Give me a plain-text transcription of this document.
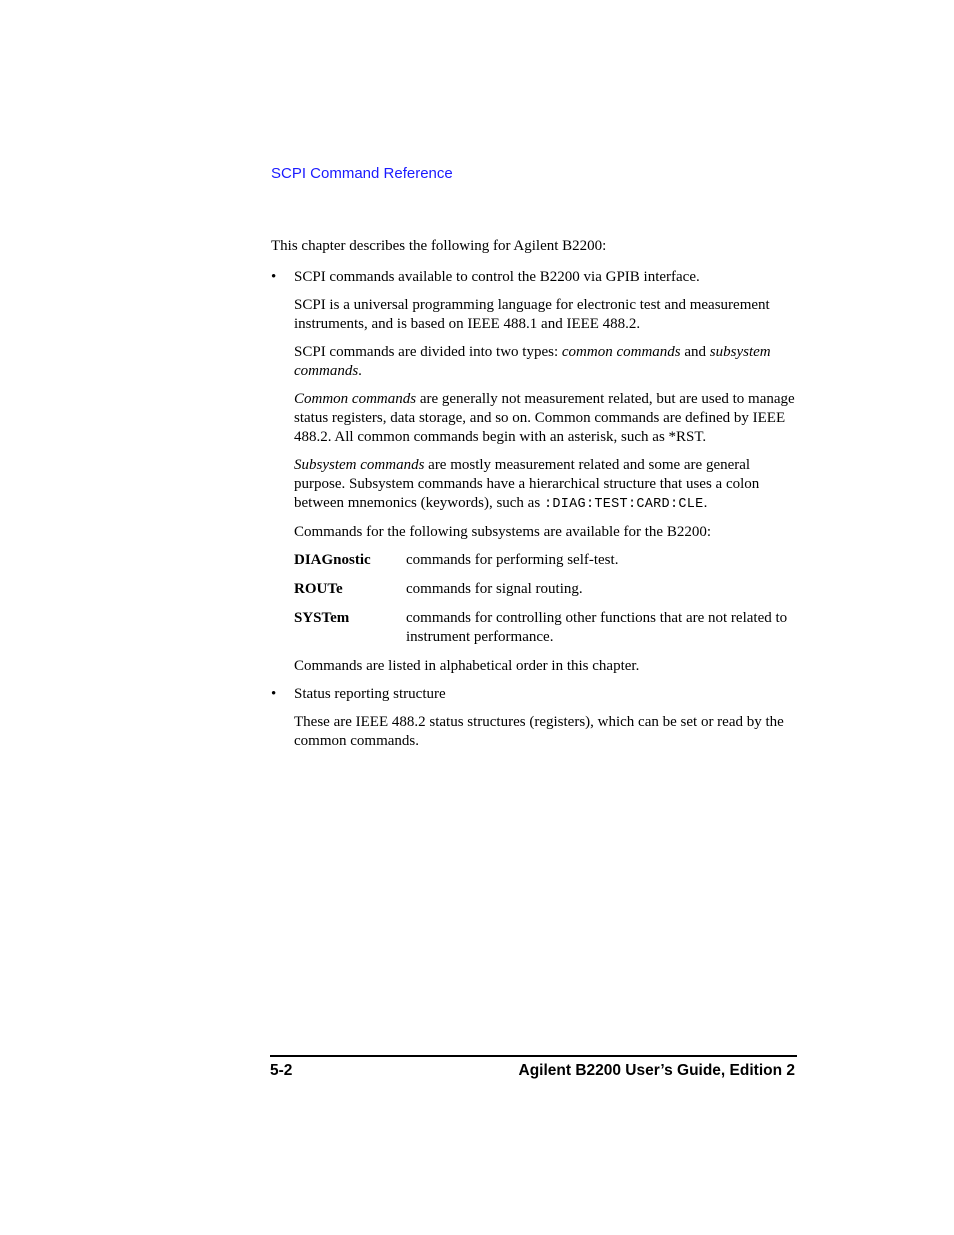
SCPI Command Reference

This chapter describes the following for Agilent B2200:

• SCPI commands available to control the B2200 via GPIB interface.

SCPI is a universal programming language for electronic test and measurement instruments, and is based on IEEE 488.1 and IEEE 488.2.

SCPI commands are divided into two types: common commands and subsystem commands.

Common commands are generally not measurement related, but are used to manage status registers, data storage, and so on. Common commands are defined by IEEE 488.2. All common commands begin with an asterisk, such as *RST.

Subsystem commands are mostly measurement related and some are general purpose. Subsystem commands have a hierarchical structure that uses a colon between mnemonics (keywords), such as :DIAG:TEST:CARD:CLE.

Commands for the following subsystems are available for the B2200:

DIAGnostic	commands for performing self-test.
ROUTe	commands for signal routing.
SYSTem	commands for controlling other functions that are not related to instrument performance.

Commands are listed in alphabetical order in this chapter.

• Status reporting structure

These are IEEE 488.2 status structures (registers), which can be set or read by the common commands.

5-2	Agilent B2200 User’s Guide, Edition 2
